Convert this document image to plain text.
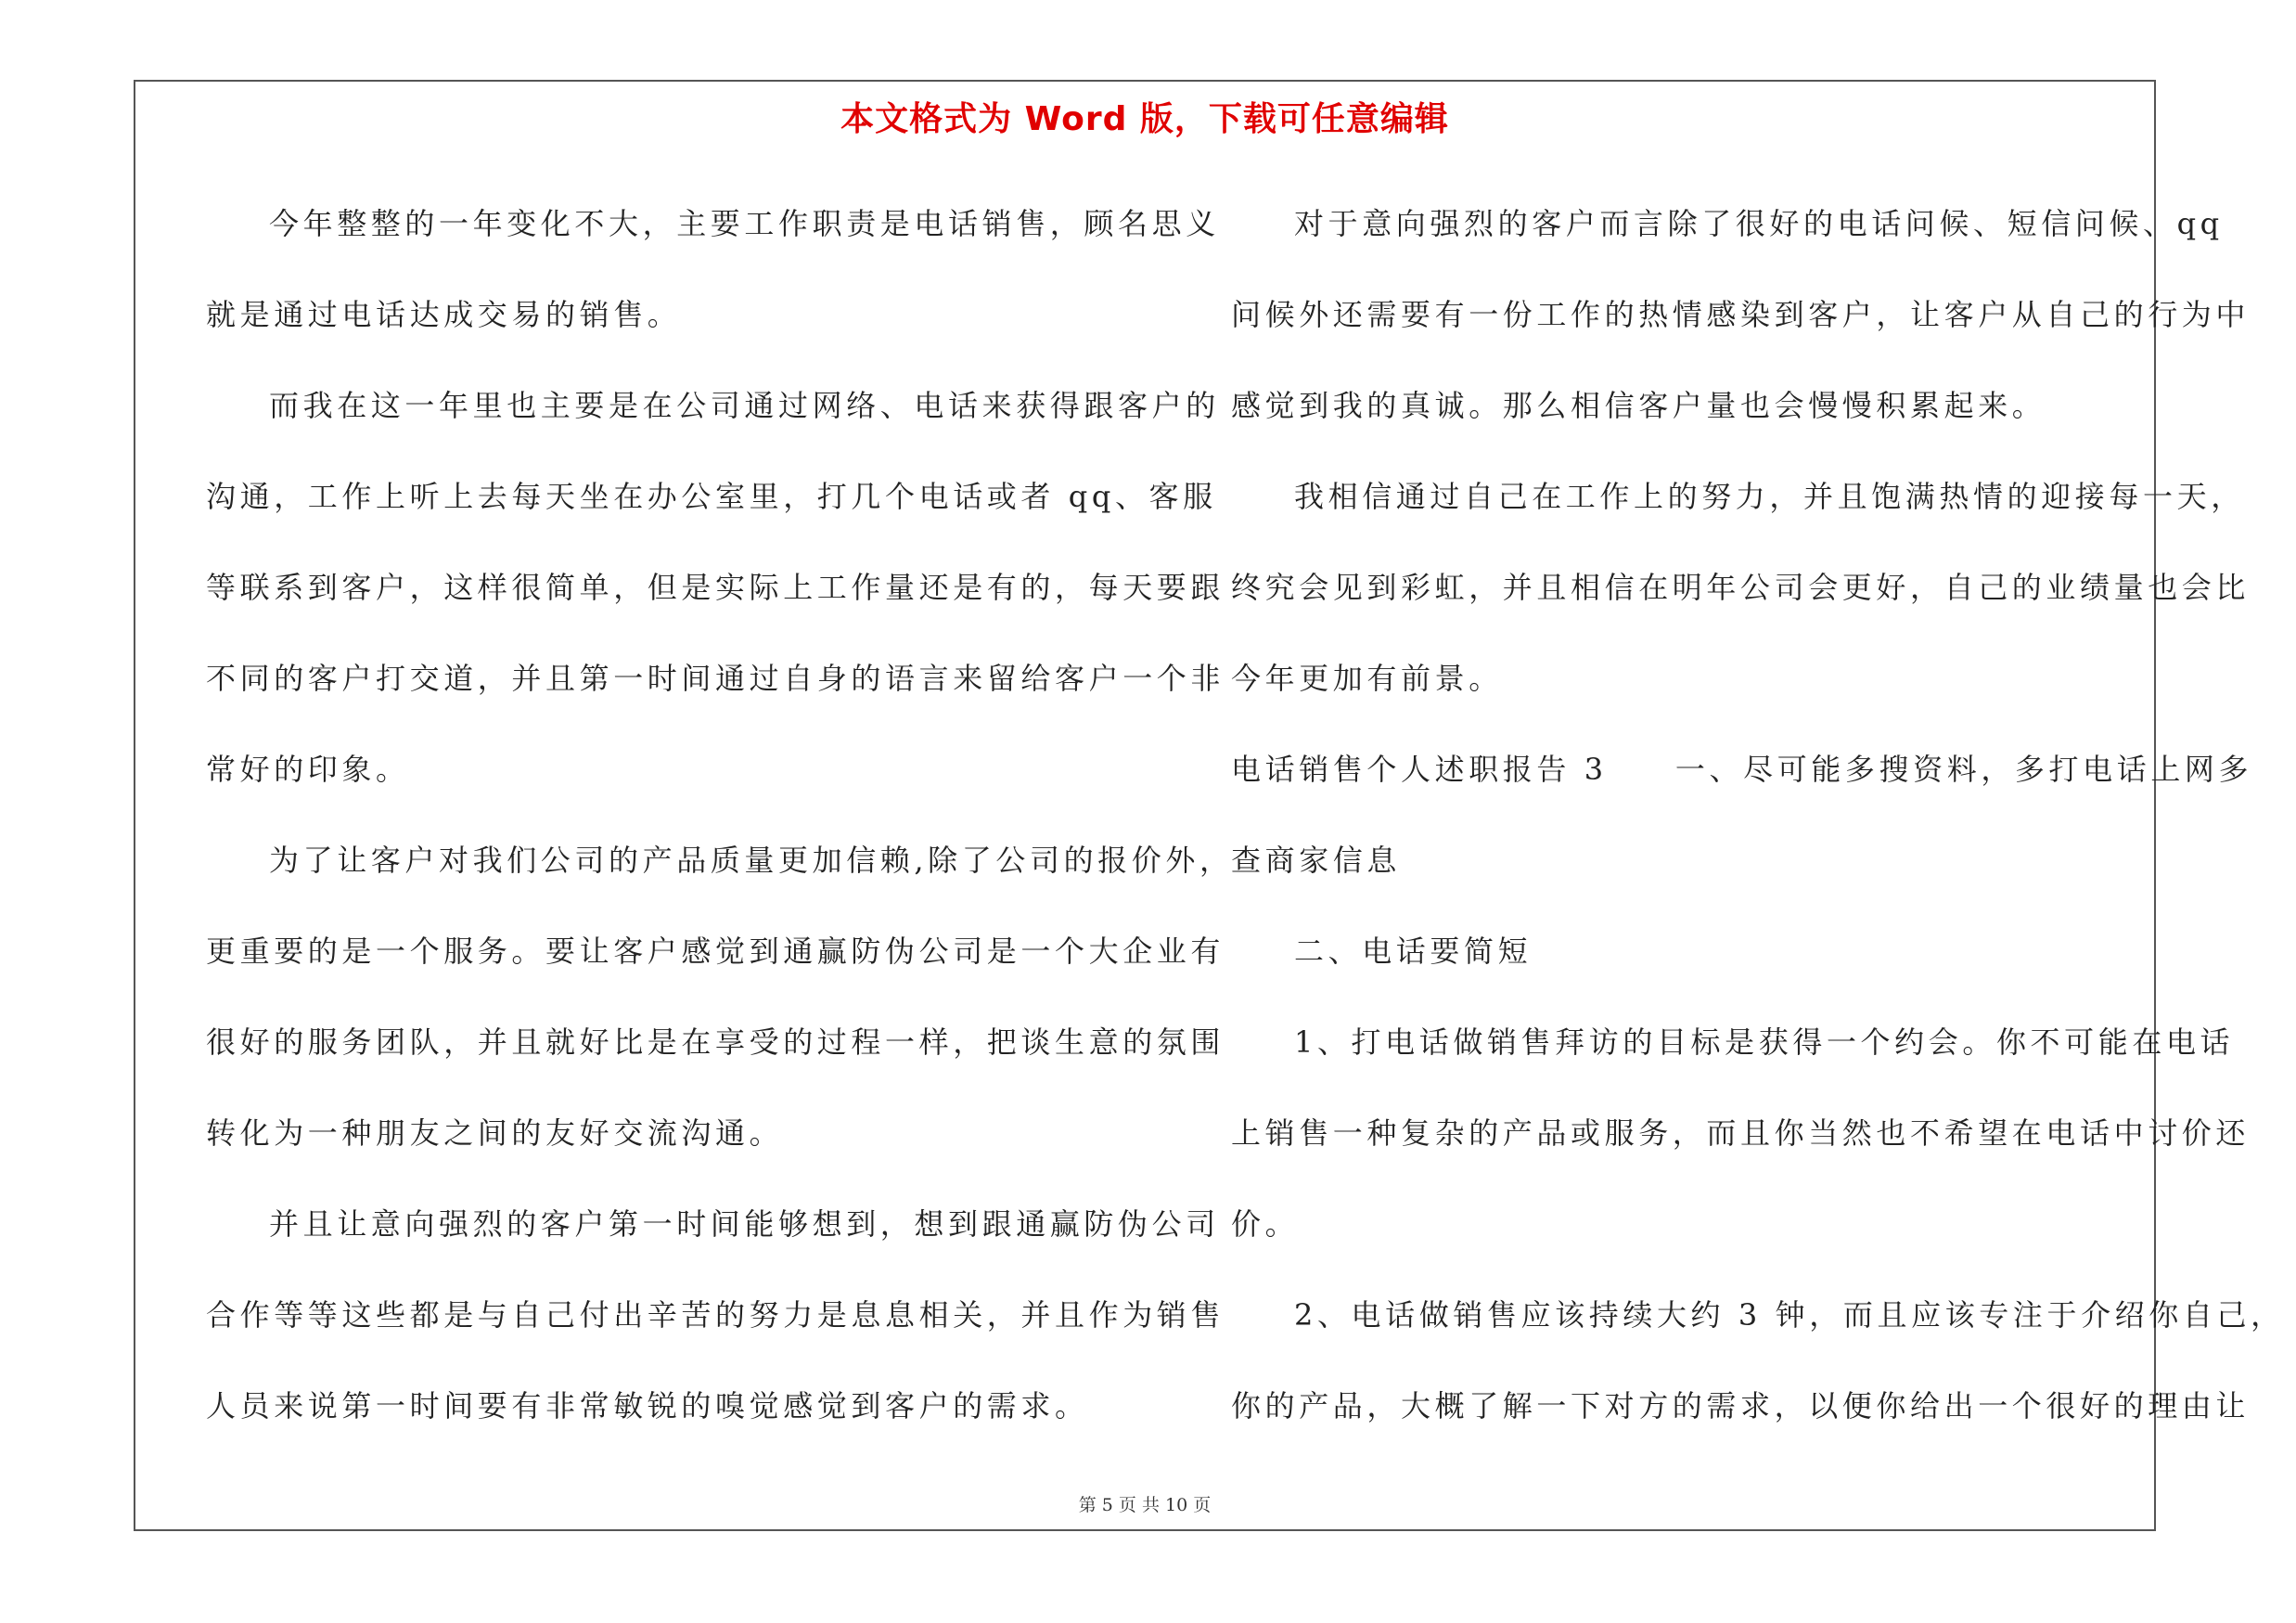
本文格式为 Word 版，下载可任意编辑
今年整整的一年变化不大，主要工作职责是电话销售，顾名思义
就是通过电话达成交易的销售。
而我在这一年里也主要是在公司通过网络、电话来获得跟客户的
沟通，工作上听上去每天坐在办公室里，打几个电话或者 qq、客服
等联系到客户，这样很简单，但是实际上工作量还是有的，每天要跟
不同的客户打交道，并且第一时间通过自身的语言来留给客户一个非
常好的印象。
为了让客户对我们公司的产品质量更加信赖,除了公司的报价外，
更重要的是一个服务。要让客户感觉到通赢防伪公司是一个大企业有
很好的服务团队，并且就好比是在享受的过程一样，把谈生意的氛围
转化为一种朋友之间的友好交流沟通。
并且让意向强烈的客户第一时间能够想到，想到跟通赢防伪公司
合作等等这些都是与自己付出辛苦的努力是息息相关，并且作为销售
人员来说第一时间要有非常敏锐的嗅觉感觉到客户的需求。
对于意向强烈的客户而言除了很好的电话问候、短信问候、qq
问候外还需要有一份工作的热情感染到客户，让客户从自己的行为中
感觉到我的真诚。那么相信客户量也会慢慢积累起来。
我相信通过自己在工作上的努力，并且饱满热情的迎接每一天，
终究会见到彩虹，并且相信在明年公司会更好，自己的业绩量也会比
今年更加有前景。
电话销售个人述职报告 3　　一、尽可能多搜资料，多打电话上网多
查商家信息
二、电话要简短
1、打电话做销售拜访的目标是获得一个约会。你不可能在电话
上销售一种复杂的产品或服务，而且你当然也不希望在电话中讨价还
价。
2、电话做销售应该持续大约 3 钟，而且应该专注于介绍你自己，
你的产品，大概了解一下对方的需求，以便你给出一个很好的理由让
第 5 页 共 10 页
